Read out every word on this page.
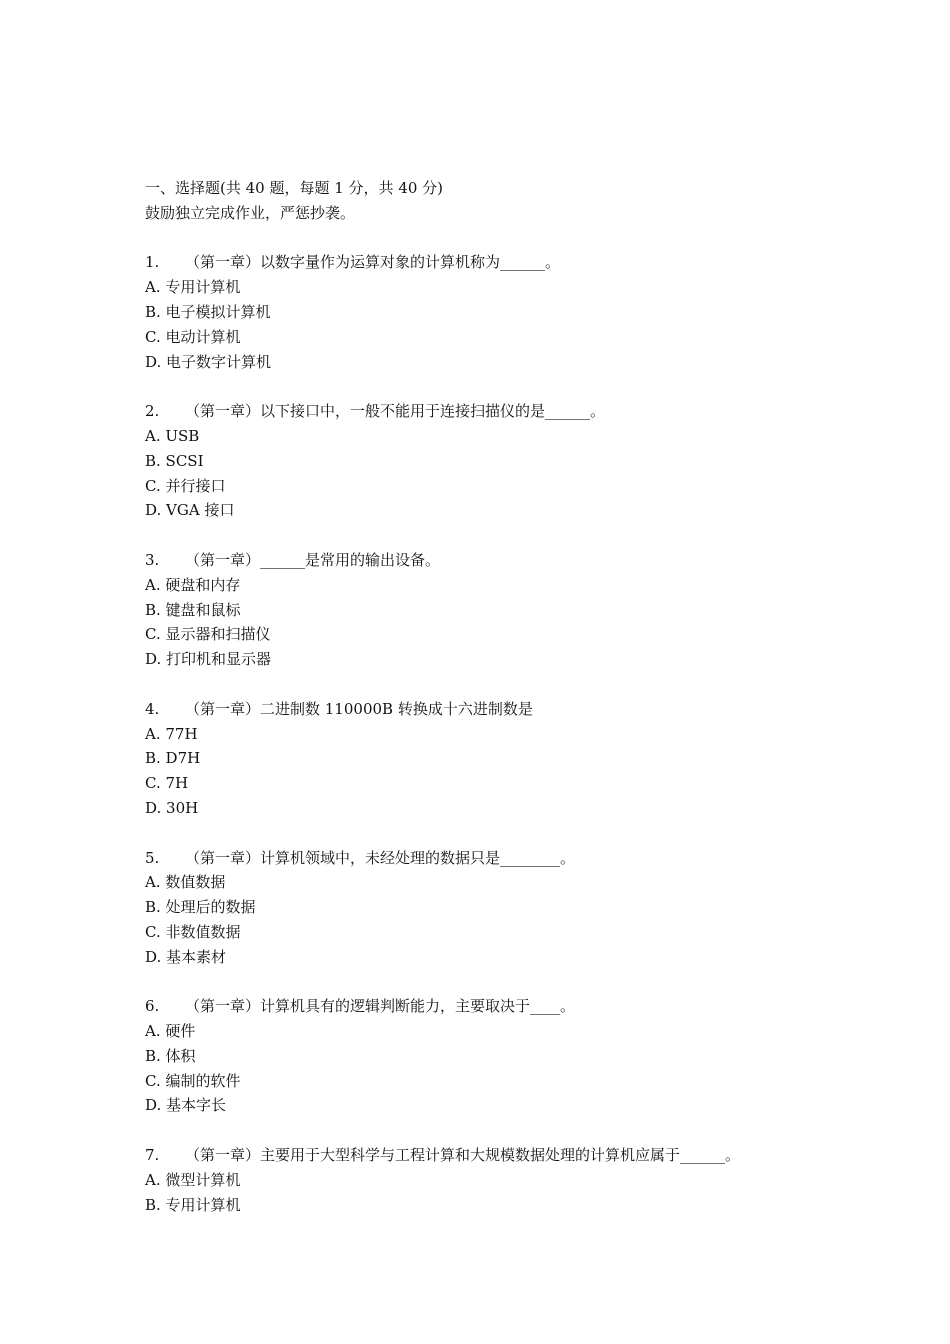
一、选择题(共 40 题，每题 1 分，共 40 分)
鼓励独立完成作业，严惩抄袭。
1. （第一章）以数字量作为运算对象的计算机称为______。
A. 专用计算机
B. 电子模拟计算机
C. 电动计算机
D. 电子数字计算机
2. （第一章）以下接口中，一般不能用于连接扫描仪的是______。
A. USB
B. SCSI
C. 并行接口
D. VGA 接口
3. （第一章）______是常用的输出设备。
A. 硬盘和内存
B. 键盘和鼠标
C. 显示器和扫描仪
D. 打印机和显示器
4. （第一章）二进制数 110000B 转换成十六进制数是
A. 77H
B. D7H
C. 7H
D. 30H
5. （第一章）计算机领域中，未经处理的数据只是________。
A. 数值数据
B. 处理后的数据
C. 非数值数据
D. 基本素材
6. （第一章）计算机具有的逻辑判断能力，主要取决于____。
A. 硬件
B. 体积
C. 编制的软件
D. 基本字长
7. （第一章）主要用于大型科学与工程计算和大规模数据处理的计算机应属于______。
A. 微型计算机
B. 专用计算机
